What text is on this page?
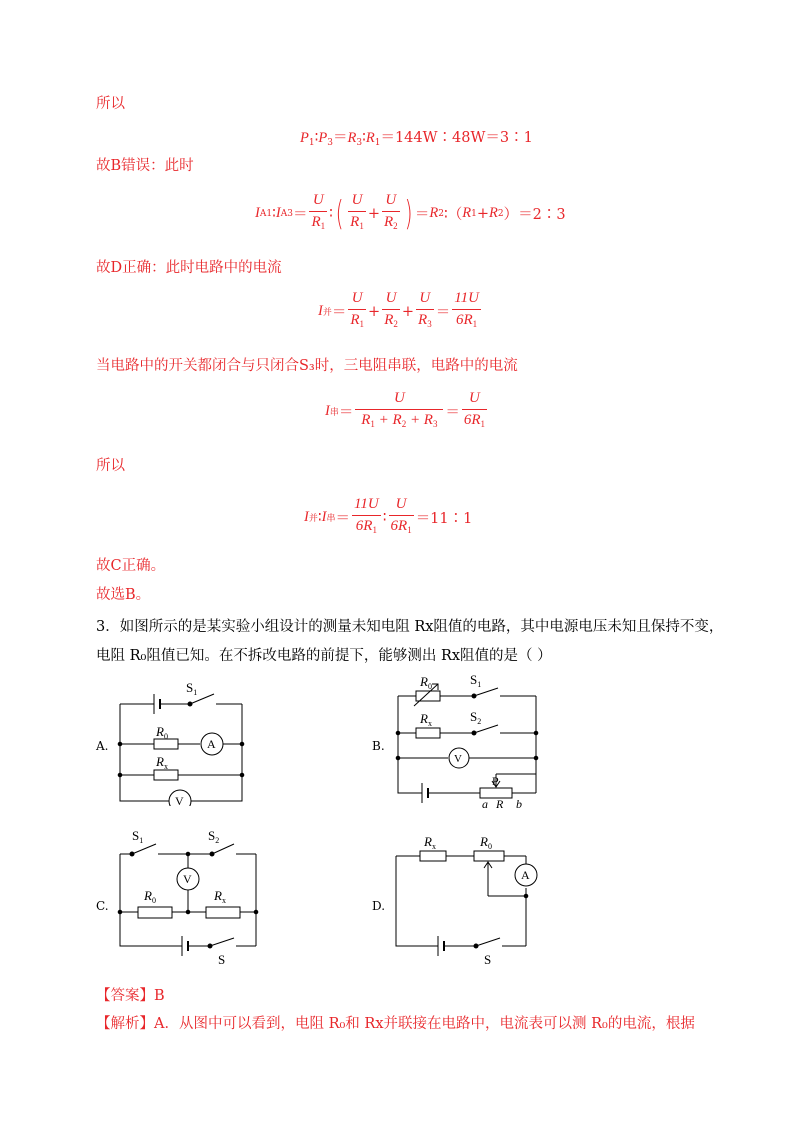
所以
$P_1∶P_3=R_3∶R_1=144W∶48W=3∶1$
故B错误：此时
I A1 ∶ I $A3 = \frac{U}{R_1}$ ∶ ( $\frac{U}{R_1} + \frac{U}{R_2}$ ) ＝ R 2 ∶（ R 1 + R 2 ）＝2∶3
故D正确：此时电路中的电流
I 并 ＝ $\frac{U}{R_1} + \frac{U}{R_2} + \frac{U}{R_3} = \frac{11U}{6R_1}$
当电路中的开关都闭合与只闭合S₃时，三电阻串联，电路中的电流
I 串 ＝ $\frac{U}{R_1 + R_2 + R_3} = \frac{U}{6R_1}$
所以
I 并 ∶ I 串 ＝ $\frac{11U}{6R_1}$ ∶ $\frac{U}{6R_1}$ ＝11∶1
故C正确。
故选B。
3．如图所示的是某实验小组设计的测量未知电阻 Rx阻值的电路，其中电源电压未知且保持不变，
电阻 R₀阻值已知。在不拆改电路的前提下，能够测出 Rx阻值的是（ ）
A.	B.
C.	D.
$S_1$
$R_0$
A
$R_x$
V
$R_0$	$S_1$
$R_x$	$S_2$
V
P
a R b
$S_1$	$S_2$
V
$R_0$	$R_x$
S
$R_x$	$R_0$
A
S
【答案】B
【解析】A．从图中可以看到，电阻 R₀和 Rx并联接在电路中，电流表可以测 R₀的电流，根据
